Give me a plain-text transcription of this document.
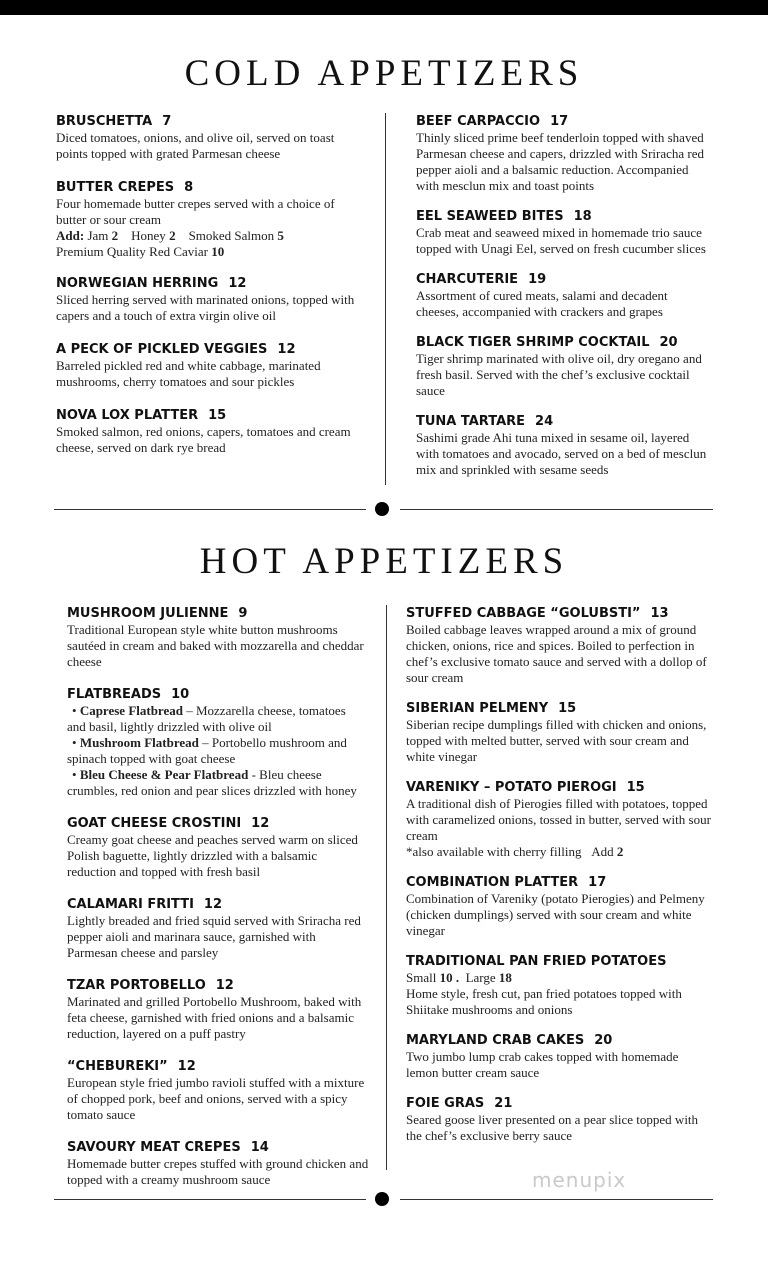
COLD APPETIZERS
BRUSCHETTA 7
Diced tomatoes, onions, and olive oil, served on toast
points topped with grated Parmesan cheese
BUTTER CREPES 8
Four homemade butter crepes served with a choice of
butter or sour cream
Add: Jam 2 Honey 2 Smoked Salmon 5
Premium Quality Red Caviar 10
NORWEGIAN HERRING 12
Sliced herring served with marinated onions, topped with
capers and a touch of extra virgin olive oil
A PECK OF PICKLED VEGGIES 12
Barreled pickled red and white cabbage, marinated
mushrooms, cherry tomatoes and sour pickles
NOVA LOX PLATTER 15
Smoked salmon, red onions, capers, tomatoes and cream
cheese, served on dark rye bread
BEEF CARPACCIO 17
Thinly sliced prime beef tenderloin topped with shaved
Parmesan cheese and capers, drizzled with Sriracha red
pepper aioli and a balsamic reduction. Accompanied
with mesclun mix and toast points
EEL SEAWEED BITES 18
Crab meat and seaweed mixed in homemade trio sauce
topped with Unagi Eel, served on fresh cucumber slices
CHARCUTERIE 19
Assortment of cured meats, salami and decadent
cheeses, accompanied with crackers and grapes
BLACK TIGER SHRIMP COCKTAIL 20
Tiger shrimp marinated with olive oil, dry oregano and
fresh basil. Served with the chef’s exclusive cocktail
sauce
TUNA TARTARE 24
Sashimi grade Ahi tuna mixed in sesame oil, layered
with tomatoes and avocado, served on a bed of mesclun
mix and sprinkled with sesame seeds
HOT APPETIZERS
MUSHROOM JULIENNE 9
Traditional European style white button mushrooms
sautéed in cream and baked with mozzarella and cheddar
cheese
FLATBREADS 10
• Caprese Flatbread – Mozzarella cheese, tomatoes
and basil, lightly drizzled with olive oil
• Mushroom Flatbread – Portobello mushroom and
spinach topped with goat cheese
• Bleu Cheese & Pear Flatbread - Bleu cheese
crumbles, red onion and pear slices drizzled with honey
GOAT CHEESE CROSTINI 12
Creamy goat cheese and peaches served warm on sliced
Polish baguette, lightly drizzled with a balsamic
reduction and topped with fresh basil
CALAMARI FRITTI 12
Lightly breaded and fried squid served with Sriracha red
pepper aioli and marinara sauce, garnished with
Parmesan cheese and parsley
TZAR PORTOBELLO 12
Marinated and grilled Portobello Mushroom, baked with
feta cheese, garnished with fried onions and a balsamic
reduction, layered on a puff pastry
“CHEBUREKI” 12
European style fried jumbo ravioli stuffed with a mixture
of chopped pork, beef and onions, served with a spicy
tomato sauce
SAVOURY MEAT CREPES 14
Homemade butter crepes stuffed with ground chicken and
topped with a creamy mushroom sauce
STUFFED CABBAGE “GOLUBSTI” 13
Boiled cabbage leaves wrapped around a mix of ground
chicken, onions, rice and spices. Boiled to perfection in
chef’s exclusive tomato sauce and served with a dollop of
sour cream
SIBERIAN PELMENY 15
Siberian recipe dumplings filled with chicken and onions,
topped with melted butter, served with sour cream and
white vinegar
VARENIKY – POTATO PIEROGI 15
A traditional dish of Pierogies filled with potatoes, topped
with caramelized onions, tossed in butter, served with sour
cream
*also available with cherry filling Add 2
COMBINATION PLATTER 17
Combination of Vareniky (potato Pierogies) and Pelmeny
(chicken dumplings) served with sour cream and white
vinegar
TRADITIONAL PAN FRIED POTATOES
Small 10 . Large 18
Home style, fresh cut, pan fried potatoes topped with
Shiitake mushrooms and onions
MARYLAND CRAB CAKES 20
Two jumbo lump crab cakes topped with homemade
lemon butter cream sauce
FOIE GRAS 21
Seared goose liver presented on a pear slice topped with
the chef’s exclusive berry sauce
menupix
